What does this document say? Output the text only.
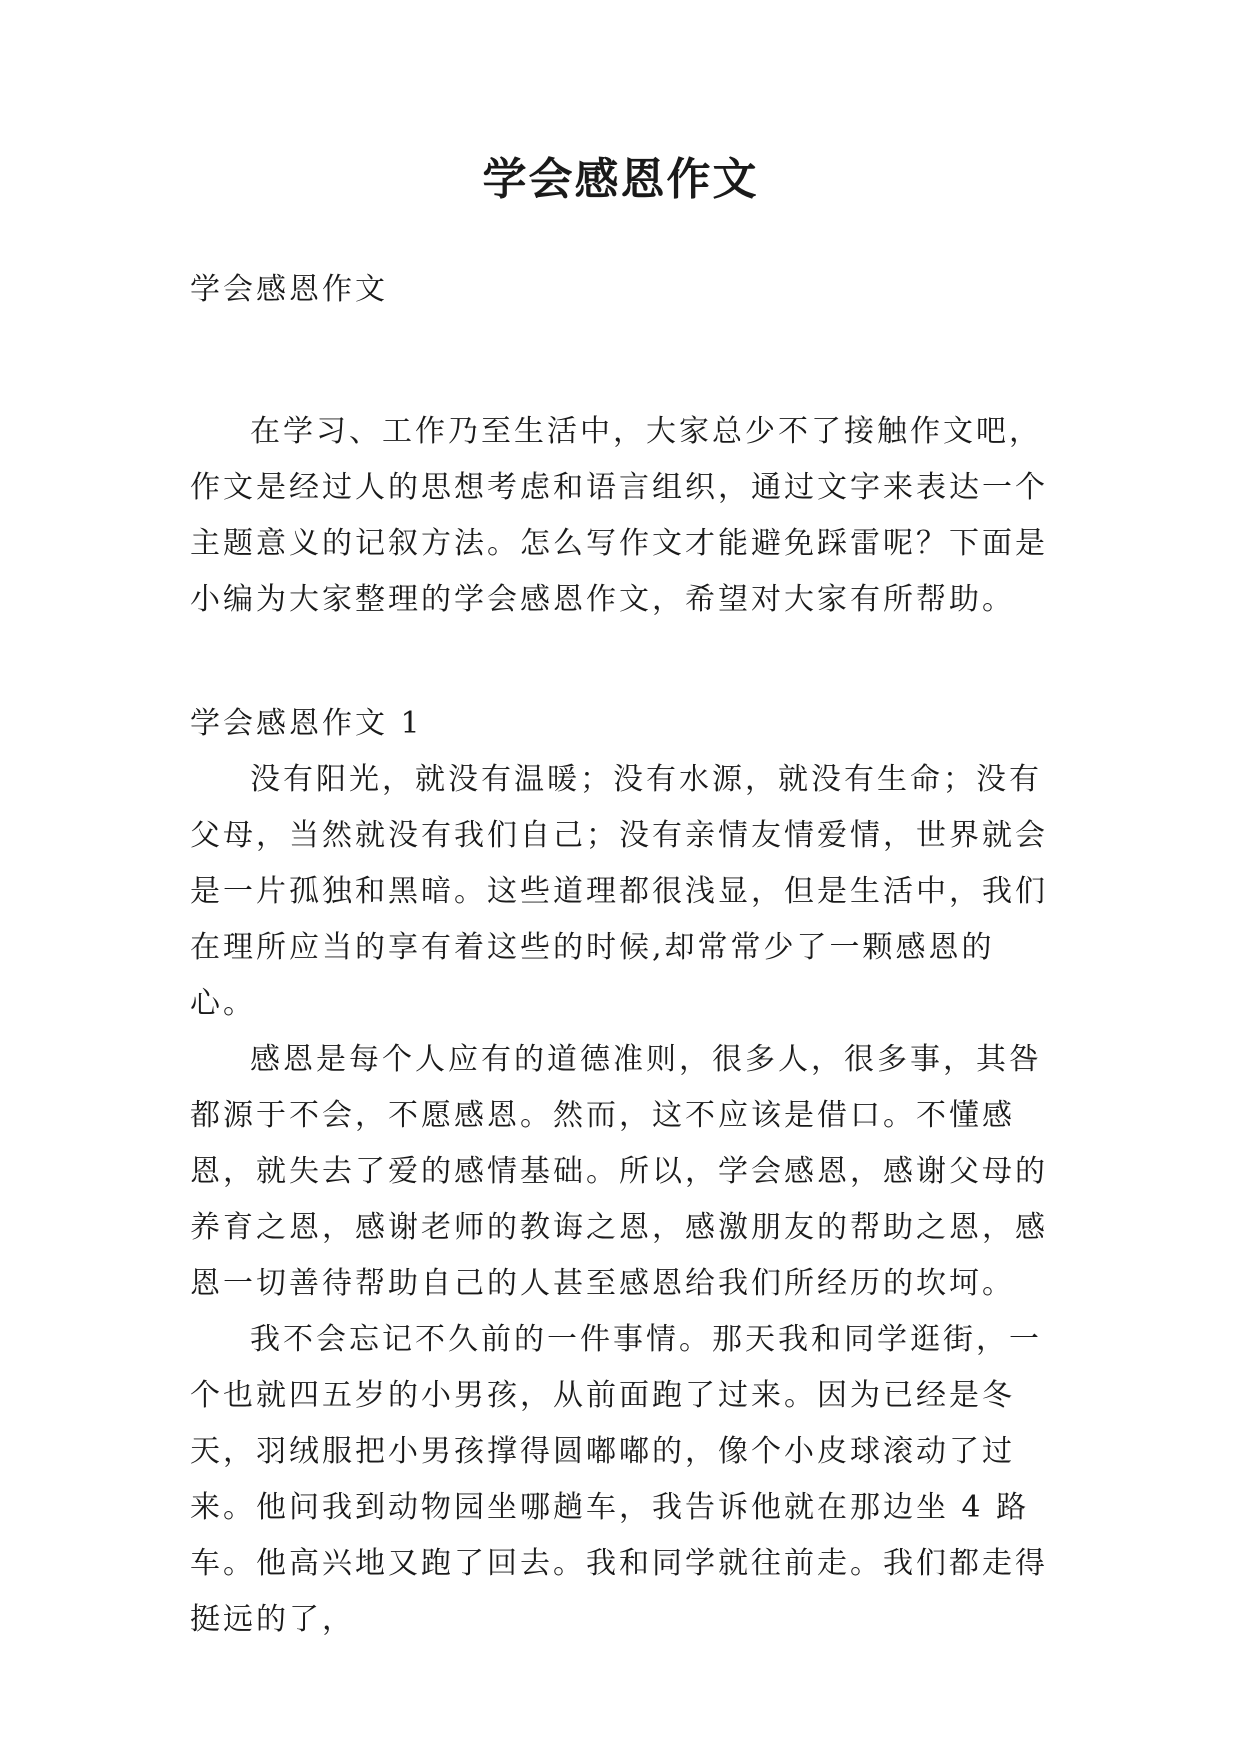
学会感恩作文

学会感恩作文

在学习、工作乃至生活中，大家总少不了接触作文吧，作文是经过人的思想考虑和语言组织，通过文字来表达一个主题意义的记叙方法。怎么写作文才能避免踩雷呢？下面是小编为大家整理的学会感恩作文，希望对大家有所帮助。

学会感恩作文 1

没有阳光，就没有温暖；没有水源，就没有生命；没有父母，当然就没有我们自己；没有亲情友情爱情，世界就会是一片孤独和黑暗。这些道理都很浅显，但是生活中，我们在理所应当的享有着这些的时候,却常常少了一颗感恩的心。

感恩是每个人应有的道德准则，很多人，很多事，其咎都源于不会，不愿感恩。然而，这不应该是借口。不懂感恩，就失去了爱的感情基础。所以，学会感恩，感谢父母的养育之恩，感谢老师的教诲之恩，感激朋友的帮助之恩，感恩一切善待帮助自己的人甚至感恩给我们所经历的坎坷。

我不会忘记不久前的一件事情。那天我和同学逛街，一个也就四五岁的小男孩，从前面跑了过来。因为已经是冬天，羽绒服把小男孩撑得圆嘟嘟的，像个小皮球滚动了过来。他问我到动物园坐哪趟车，我告诉他就在那边坐 4 路车。他高兴地又跑了回去。我和同学就往前走。我们都走得挺远的了，
